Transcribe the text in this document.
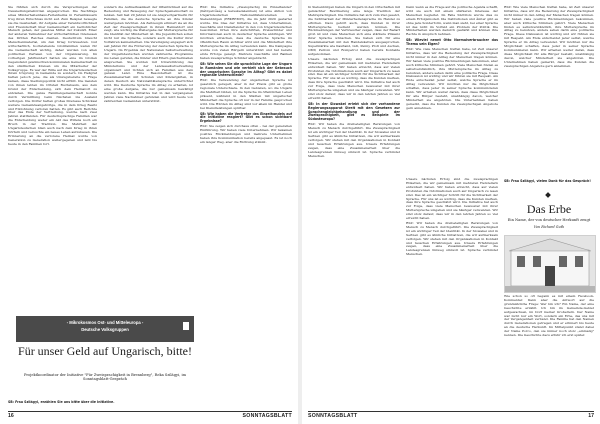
Sie fühlten sich durch die Versprechungen der Neusiedlungsbehörden angesprochen. Die Nachfrage eines Minderheitenhaus-Ferienheims in Ferienhäusern trug ihren Entschluss nicht auf. Zum Beispiel bewegte sie die Gewissheit, ihr Aufgabe einer Verantwortlichkeit und Freundschaft über Gemeinschaft ein bedrohlicher Mensch gehen, der gesetzes Mittel der Zukunft. Einer der anderen Teilnehmer der wirtschaftlichen Interessen des Dritten Reiches dienten. Deutschtum braucht Menschenmaterial, um den Krieg fortzusetzen. Gut wirtschaftlich, hochstehende Großfamilien waren für die Gemeinschaft wichtig, daher wurden von allen politischen Parteien von der Organisierung. Im vorherigen Jahrhundert hatten sie eine im Großen Gegenstand gewünschten kommunalen Gemeinschaft zu den städtischen Kreisen um die Mitarbeiter der Volksgruppe. Es war der Wille auf die Ungarndeutschen ihrem Ursprung in Gemeinde zu sondern. Im Hellgraf hatten jedoch jene, die als Umzugsbereite in Frage kamen, diese Siedlungspolitik nicht erfüllt. Die meisten von ihnen lebten im Ortsteil Buchsbaum, aus dem Grund der Entscheidung, sich dem Heimatort zu entziehen. Die ganze Familiengemeinschaft konnte durch Vermittlung beim Nächsten ins Ausland verfolgen. Die Dörfer hatten großes Interesse Schicksal weitere Gemeindeangehörige, die in dem Krieg Besitz und Entlohnung verloren hatten. Es gibt auch Berichte über das Ende der Vertreibung, welche nach zwei Jahren stattfanden. Für deutschsprachige Familien war die Entscheidung weder ein Akt des Willens noch ein Bruch in der Tradition. Die Mehrheit der Ungarndeutschen blieb auch nach dem Krieg in ihren Dörfern und versuchte ein neues Leben aufzubauen. Die Erinnerung an die verlorene Heimat wurde von Generation zu Generation weitergegeben und lebt bis heute in den Familien fort.

sondern die Aufmerksamkeit der Öffentlichkeit auf die Bedeutung und Bewegung der Sprachgemeinschaft zu lenken. Seit fast 20 Jahren ist sie Ansprechpartnerin für Familien, die die deutsche Sprache an ihre Kinder weitergeben möchten. Als Zeitzeugin erinnert sie an die Zeit der Zweisprachigkeit in ihrem Heimatdorf und zeigt, wie wichtig die Weitergabe der Muttersprache für die Identität der Minderheit ist. Die Jugendlichen sollen nicht nur die Sprache, sondern auch die Kultur ihrer Vorfahren kennenlernen. Die Vereinigung engagiert sich seit Jahren für die Förderung der deutschen Sprache in Ungarn. Im Ergebnis der Nationalen Selbstverwaltung der Ungarndeutschen wurden zahlreiche Programme ins Leben gerufen, die Kinder und Eltern gleichermaßen ansprechen. Sie wurden mit Unterstützung des Ministeriums und der Landesselbstverwaltung organisiert und richten sich an Familien aus dem ganzen Land. Eine Besonderheit ist die Zusammenarbeit mit Schulen und Kindergärten, in denen Deutsch als Nationalitätensprache unterrichtet wird. Die Deutsche Sprache im Alltag zu erhalten, ist eine große Aufgabe, die nur gemeinsam bewältigt werden kann. Die Initiative hat in den vergangenen Jahren viele Nachahmer gefunden und wird heute von zahlreichen Gemeinden unterstützt.

- Mikrokosmos Ost- und Mitteleuropa -
Deutsche Volksgruppen
Für unser Geld auf Ungarisch, bitte!
Projektkoordinator der Initiative "Für Zweisprachigkeit in Brennberg", Reka Szilágyi, im Sonntagsblatt-Gespräch
SB: Frau Szilágyi, erzählen Sie uns bitte über die Initiative.

RSZ: Die Initiative „Zweisprachig im Einzelhandel" (Kétnyelvűség a kereskedelemben) ist eine Aktion von Ungarndeutschen Nationalitätenvereinen in Siebenbürgen (ERKREMIT), die im Jahr 2020 gestartet wurde. Die Idee der Initiative ist, dass Unternehmen, Geschäfte und Dienstleister in den von Ungarndeutschen bewohnten Orten ihre Aufschriften, Preisschilder und Informationen auch in deutscher Sprache anbringen. Wir möchten erreichen, dass die deutsche Sprache im öffentlichen Raum sichtbar wird und die Minderheit ihre Muttersprache im Alltag verwenden kann. Die Kampagne wurde von vielen Bürgern unterstützt und hat bereits erste Erfolge gezeigt. Mehrere Geschäfte und Banken haben zweisprachige Schilder angebracht.

SB: Wie sehen Sie die sprachliche Lage der Ungarn in Rumänien und wie verhielt sich der Gebrauch der ungarischen Sprache im Alltag? Gibt es dabei regionale Unterschiede?

RSZ: Die Verwendung der ungarischen Sprache ist gesetzlich geregelt, aber in der Praxis gibt es große regionale Unterschiede. In den Gebieten, wo die Ungarn die Mehrheit bilden, ist die Sprache im öffentlichen Leben präsent, während in den Städten mit ungarischer Minderheit die Sprache oft nur in der Familie gesprochen wird. Die Hürden im Alltag sind vor allem im Handel und bei Dienstleistungen spürbar.

SB: Wie haben die Vertreter des Einzelhandels auf die Initiative reagiert? Gibt es schon sichtbare Ergebnisse?

RSZ: Sie zeigen sich durchaus offen – bei der generellen Einführung. Wir haben viele Unternehmen. Wir bekamen positive Rückmeldungen und mehrere Unternehmen haben ihre Kommunikation bereits angepasst. Es ist noch ein langer Weg, aber die Richtung stimmt.

16	SONNTAGSBLATT

In Siebenbürgen haben die Ungarn in den Ortschaften mit gemischter Bevölkerung eine lange Tradition der Mehrsprachigkeit. Die Initiative hat sich zum Ziel gesetzt, die Sichtbarkeit der Minderheitensprache im Handel zu erhöhen. Dazu gehört auch, dass Kunden in ihrer Muttersprache bedient werden können. Die Rückmeldungen der Verbraucher zeigen, dass der Bedarf groß ist und viele Menschen sich eine stärkere Präsenz ihrer Sprache wünschen. Sie haben sich für eine Zusammenarbeit mit den Handelsketten ausgesprochen. Supermärkte wie Kaufland, Lidl, Penny, Profi und Auchan, OMV, Petrom und Rompetrol haben bereits Kontakte aufgenommen.

Unsere nächsten Erfolg sind die zweisprachigen Etiketten, die wir gemeinsam mit mehreren Herstellern entwickelt haben. Wir haben erreicht, dass auf vielen Produkten die Informationen auch auf Ungarisch zu lesen sind. Das ist ein wichtiger Schritt für die Sichtbarkeit der Sprache. Für uns ist es wichtig, dass die Kunden merken, dass ihre Sprache geschätzt wird. Die Initiative hat auch zur Folge, dass viele Menschen bewusster mit ihrer Muttersprache umgehen und sie häufiger verwenden. Wir sind stolz darauf, dass wir in den letzten Jahren so viel erreicht haben.

SB: In der Slowakei erlebt sich der vorhandene Regierungsapparat Streit mit den Gesetzen zur Sprachengleichbehandlung und der Zweisprachigkeit, gibt es Beispiele im Südosteuropa?

RSZ: Wir haben die dreibeteiligten Beratungen von Mensch zu Mensch durchgeführt. Die Zweisprachigkeit ist ein wichtiger Teil der Identität. In der Slowakei und in Serbien gibt es ähnliche Initiativen, die wir aufmerksam verfolgen. Wir stehen mit den Organisationen in Kontakt und tauschen Erfahrungen aus. Unsere Erfahrungen zeigen, dass eine Zusammenarbeit über die Landesgrenzen hinweg sinnvoll ist. Sprache verbindet Menschen.

Denn wenn es die Frage auf die politische Agenda schafft, wird sie auch mit einem stärkeren Interesse der Menschen begleitet. Im Falle Südtirols wurde dies zu einem Erfolgsmodell. Die Institutionen und Ämter gibt es ohne jede Sonderform, wenn man sieht, bei einer Sprache ist das nicht im Vorfeld ein Problem der Politik. Die Minderheiten werden dadurch gestärkt und können ihre Rechte in Anspruch nehmen.

SB: Wieviel nennt Otto Normalverbraucher das Thema sein Eigen?

RSZ: Wie viele Menschen treffen habe, ist Zeit unserer Initiative, dass wir die Bedeutung der Zweisprachigkeit nicht immer in den Alltag der Menschen tragen können. Wir haben viele positive Rückmeldungen bekommen, aber auch kritische Stimmen gehört. Viele Menschen finden es selbstverständlich, ihre Muttersprache im Alltag zu benutzen, andere sehen darin eine politische Frage. Diese Diskussion ist wichtig und wir führen sie mit Respekt. Am Ende entscheidet jeder selbst, welche Sprache er im Alltag verwendet. Wir möchten nur die Möglichkeit schaffen, dass jeder in seiner Sprache kommunizieren kann. Wir arbeiten weiter daran, dass diese Möglichkeit für alle Bürger besteht, unabhängig davon, welcher Minderheit sie angehören. Die Unternehmen haben gemerkt, dass die Kunden die zweisprachigen Angebote gern annehmen.

RSZ: Wie viele Menschen treffen habe, ist Zeit unserer Initiative, dass wir die Bedeutung der Zweisprachigkeit nicht immer in den Alltag der Menschen tragen können. Wir haben viele positive Rückmeldungen bekommen, aber auch kritische Stimmen gehört. Viele Menschen finden es selbstverständlich, ihre Muttersprache im Alltag zu benutzen, andere sehen darin eine politische Frage. Diese Diskussion ist wichtig und wir führen sie mit Respekt. Am Ende entscheidet jeder selbst, welche Sprache er im Alltag verwendet. Wir möchten nur die Möglichkeit schaffen, dass jeder in seiner Sprache kommunizieren kann. Wir arbeiten weiter daran, dass diese Möglichkeit für alle Bürger besteht, unabhängig davon, welcher Minderheit sie angehören. Die Unternehmen haben gemerkt, dass die Kunden die zweisprachigen Angebote gern annehmen.

SB: Frau Szilágyi, vielen Dank für das Gespräch!
Das Erbe
Ein Name, der von deutscher Herkunft zeugt
Von Richard Guth

Wie schon so oft begann es mit einem Facebook-Kommentar. Dann aber die Antwort auf die grundsätzliche Frage: Wer bin ich? Ein Name, der eine Geschichte erzählt. Ich bin im Gemeinde-Gebiet aufgewachsen, im Dorf meiner Großeltern. Der Name war nicht nur ein Wort, sondern ein Erbe, das uns mit der Vergangenheit verband. Die Familie hat den Namen durch Generationen getragen und er erinnert bis heute an die deutsche Herkunft. Im Mittelpunkt stand dabei der Name Porco, den sie immer noch stolz „einmalig" nennen. Die Geschichte dazu erfuhr ich erst später.

Unsere nächsten Erfolg sind die zweisprachigen Etiketten, die wir gemeinsam mit mehreren Herstellern entwickelt haben. Wir haben erreicht, dass auf vielen Produkten die Informationen auch auf Ungarisch zu lesen sind. Das ist ein wichtiger Schritt für die Sichtbarkeit der Sprache. Für uns ist es wichtig, dass die Kunden merken, dass ihre Sprache geschätzt wird. Die Initiative hat auch zur Folge, dass viele Menschen bewusster mit ihrer Muttersprache umgehen und sie häufiger verwenden. Wir sind stolz darauf, dass wir in den letzten Jahren so viel erreicht haben.

RSZ: Wir haben die dreibeteiligten Beratungen von Mensch zu Mensch durchgeführt. Die Zweisprachigkeit ist ein wichtiger Teil der Identität. In der Slowakei und in Serbien gibt es ähnliche Initiativen, die wir aufmerksam verfolgen. Wir stehen mit den Organisationen in Kontakt und tauschen Erfahrungen aus. Unsere Erfahrungen zeigen, dass eine Zusammenarbeit über die Landesgrenzen hinweg sinnvoll ist. Sprache verbindet Menschen.

SONNTAGSBLATT	17
